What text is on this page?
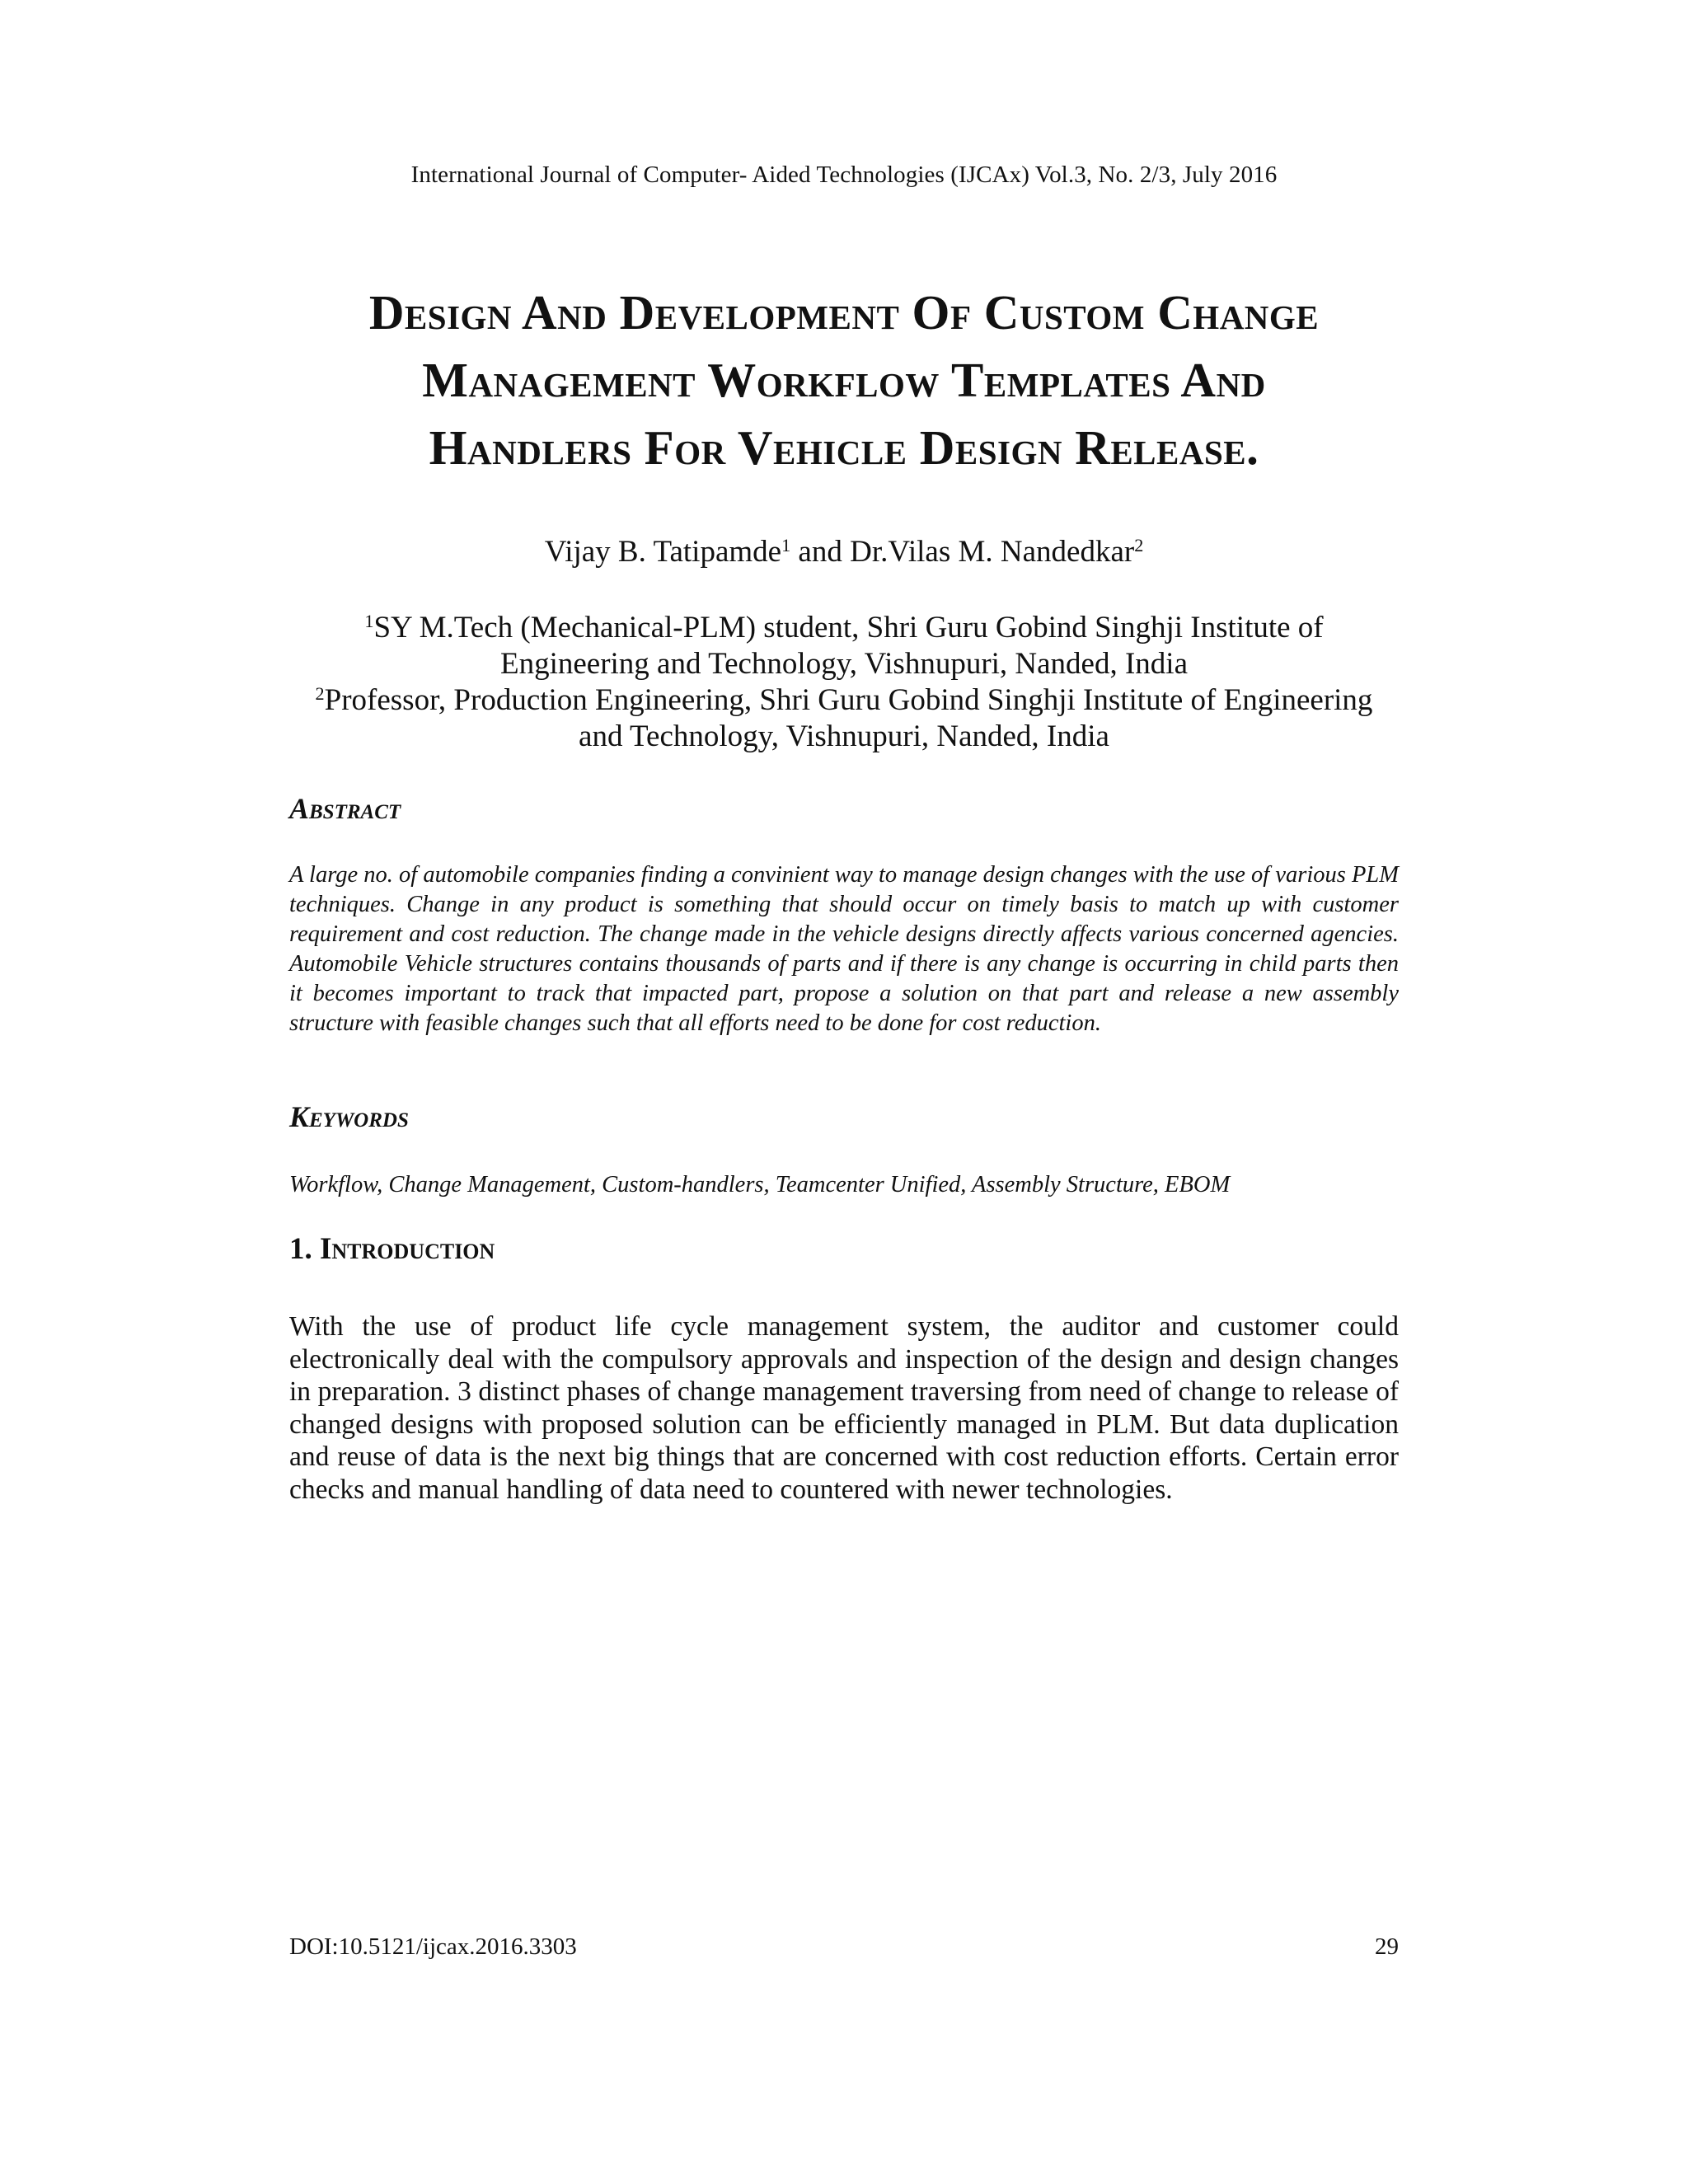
International Journal of Computer- Aided Technologies (IJCAx) Vol.3, No. 2/3, July 2016
Design And Development Of Custom Change
Management Workflow Templates And
Handlers For Vehicle Design Release.
Vijay B. Tatipamde$^1$ and Dr.Vilas M. Nandedkar$^2$
$^1$SY M.Tech (Mechanical-PLM) student, Shri Guru Gobind Singhji Institute of
Engineering and Technology, Vishnupuri, Nanded, India
$^2$Professor, Production Engineering, Shri Guru Gobind Singhji Institute of Engineering
and Technology, Vishnupuri, Nanded, India
Abstract
A large no. of automobile companies finding a convinient way to manage design changes with the use of various PLM techniques. Change in any product is something that should occur on timely basis to match up with customer requirement and cost reduction. The change made in the vehicle designs directly affects various concerned agencies. Automobile Vehicle structures contains thousands of parts and if there is any change is occurring in child parts then it becomes important to track that impacted part, propose a solution on that part and release a new assembly structure with feasible changes such that all efforts need to be done for cost reduction.
Keywords
Workflow, Change Management, Custom-handlers, Teamcenter Unified, Assembly Structure, EBOM
1. Introduction
With the use of product life cycle management system, the auditor and customer could electronically deal with the compulsory approvals and inspection of the design and design changes in preparation. 3 distinct phases of change management traversing from need of change to release of changed designs with proposed solution can be efficiently managed in PLM. But data duplication and reuse of data is the next big things that are concerned with cost reduction efforts. Certain error checks and manual handling of data need to countered with newer technologies.
DOI:10.5121/ijcax.2016.3303	29
